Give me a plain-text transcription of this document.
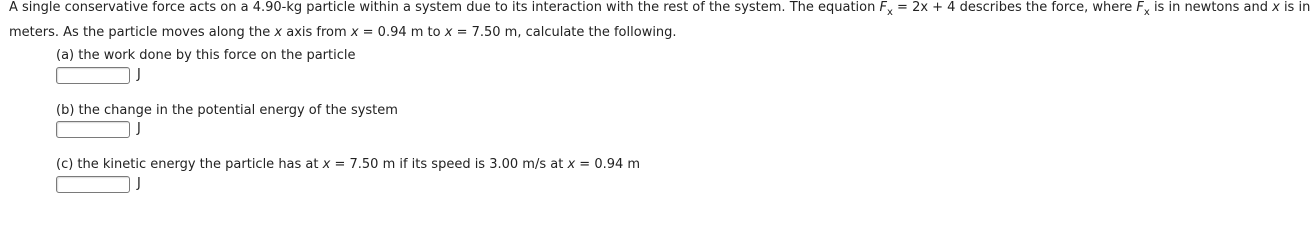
A single conservative force acts on a 4.90-kg particle within a system due to its interaction with the rest of the system. The equation $F_x = 2x + 4$ describes the force, where $F_x$ is in newtons and x is in
meters. As the particle moves along the x axis from x = 0.94 m to x = 7.50 m, calculate the following.
(a) the work done by this force on the particle
J
(b) the change in the potential energy of the system
J
(c) the kinetic energy the particle has at x = 7.50 m if its speed is 3.00 m/s at x = 0.94 m
J
